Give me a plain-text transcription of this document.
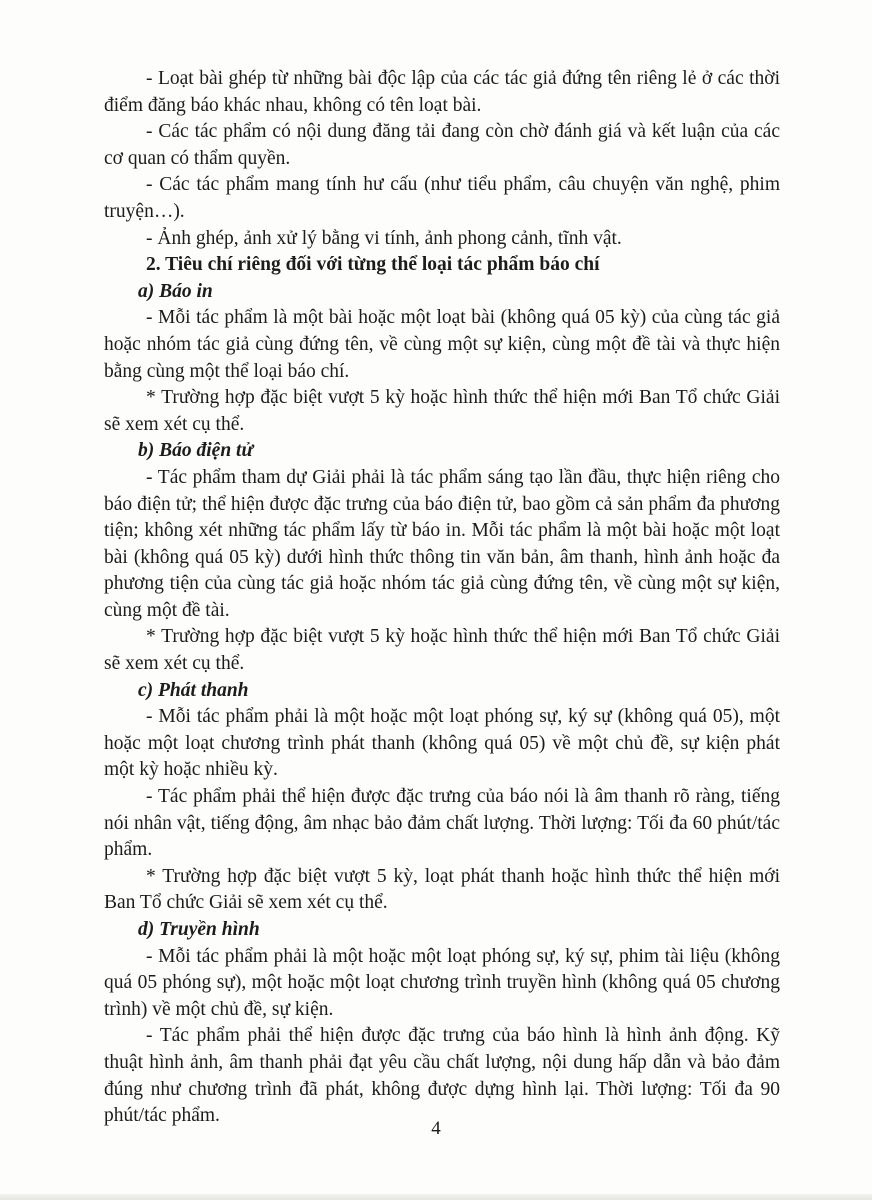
- Loạt bài ghép từ những bài độc lập của các tác giả đứng tên riêng lẻ ở các thời điểm đăng báo khác nhau, không có tên loạt bài.

- Các tác phẩm có nội dung đăng tải đang còn chờ đánh giá và kết luận của các cơ quan có thẩm quyền.

- Các tác phẩm mang tính hư cấu (như tiểu phẩm, câu chuyện văn nghệ, phim truyện…).

- Ảnh ghép, ảnh xử lý bằng vi tính, ảnh phong cảnh, tĩnh vật.

2. Tiêu chí riêng đối với từng thể loại tác phẩm báo chí

a) Báo in

- Mỗi tác phẩm là một bài hoặc một loạt bài (không quá 05 kỳ) của cùng tác giả hoặc nhóm tác giả cùng đứng tên, về cùng một sự kiện, cùng một đề tài và thực hiện bằng cùng một thể loại báo chí.

* Trường hợp đặc biệt vượt 5 kỳ hoặc hình thức thể hiện mới Ban Tổ chức Giải sẽ xem xét cụ thể.

b) Báo điện tử

- Tác phẩm tham dự Giải phải là tác phẩm sáng tạo lần đầu, thực hiện riêng cho báo điện tử; thể hiện được đặc trưng của báo điện tử, bao gồm cả sản phẩm đa phương tiện; không xét những tác phẩm lấy từ báo in. Mỗi tác phẩm là một bài hoặc một loạt bài (không quá 05 kỳ) dưới hình thức thông tin văn bản, âm thanh, hình ảnh hoặc đa phương tiện của cùng tác giả hoặc nhóm tác giả cùng đứng tên, về cùng một sự kiện, cùng một đề tài.

* Trường hợp đặc biệt vượt 5 kỳ hoặc hình thức thể hiện mới Ban Tổ chức Giải sẽ xem xét cụ thể.

c) Phát thanh

- Mỗi tác phẩm phải là một hoặc một loạt phóng sự, ký sự (không quá 05), một hoặc một loạt chương trình phát thanh (không quá 05) về một chủ đề, sự kiện phát một kỳ hoặc nhiều kỳ.

- Tác phẩm phải thể hiện được đặc trưng của báo nói là âm thanh rõ ràng, tiếng nói nhân vật, tiếng động, âm nhạc bảo đảm chất lượng. Thời lượng: Tối đa 60 phút/tác phẩm.

* Trường hợp đặc biệt vượt 5 kỳ, loạt phát thanh hoặc hình thức thể hiện mới Ban Tổ chức Giải sẽ xem xét cụ thể.

d) Truyền hình

- Mỗi tác phẩm phải là một hoặc một loạt phóng sự, ký sự, phim tài liệu (không quá 05 phóng sự), một hoặc một loạt chương trình truyền hình (không quá 05 chương trình) về một chủ đề, sự kiện.

- Tác phẩm phải thể hiện được đặc trưng của báo hình là hình ảnh động. Kỹ thuật hình ảnh, âm thanh phải đạt yêu cầu chất lượng, nội dung hấp dẫn và bảo đảm đúng như chương trình đã phát, không được dựng hình lại. Thời lượng: Tối đa 90 phút/tác phẩm.

4
